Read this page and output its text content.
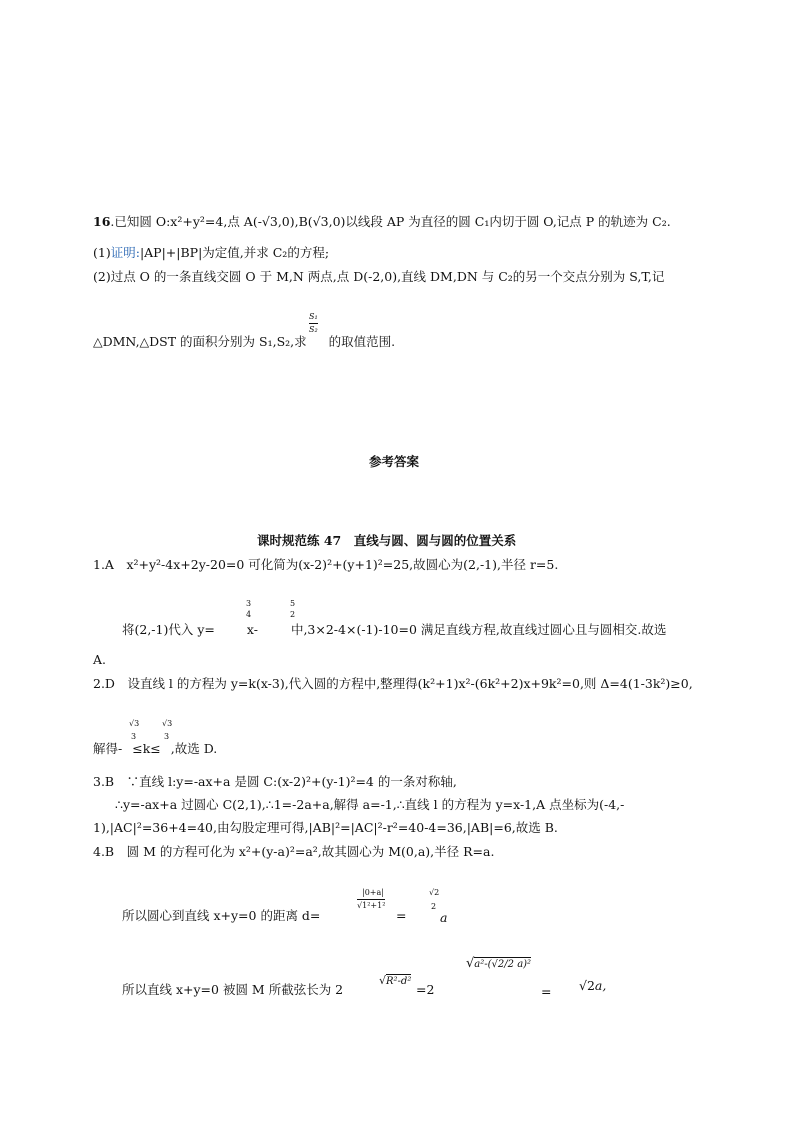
16.已知圆 O:x²+y²=4,点 A(-√3,0),B(√3,0)以线段 AP 为直径的圆 C₁内切于圆 O,记点 P 的轨迹为 C₂.
(1)证明:|AP|+|BP|为定值,并求 C₂的方程;
(2)过点 O 的一条直线交圆 O 于 M,N 两点,点 D(-2,0),直线 DM,DN 与 C₂的另一个交点分别为 S,T,记
S₁
S₂
△DMN,△DST 的面积分别为 S₁,S₂,求 的取值范围.
参考答案
课时规范练 47　直线与圆、圆与圆的位置关系
1.A　x²+y²-4x+2y-20=0 可化简为(x-2)²+(y+1)²=25,故圆心为(2,-1),半径 r=5.
3
4
5
2
将(2,-1)代入 y=	x-	中,3×2-4×(-1)-10=0 满足直线方程,故直线过圆心且与圆相交.故选
A.
2.D　设直线 l 的方程为 y=k(x-3),代入圆的方程中,整理得(k²+1)x²-(6k²+2)x+9k²=0,则 Δ=4(1-3k²)≥0,
√3
3
√3
3
解得- ≤k≤ ,故选 D.
3.B　∵直线 l:y=-ax+a 是圆 C:(x-2)²+(y-1)²=4 的一条对称轴,
∴y=-ax+a 过圆心 C(2,1),∴1=-2a+a,解得 a=-1,∴直线 l 的方程为 y=x-1,A 点坐标为(-4,-
1),|AC|²=36+4=40,由勾股定理可得,|AB|²=|AC|²-r²=40-4=36,|AB|=6,故选 B.
4.B　圆 M 的方程可化为 x²+(y-a)²=a²,故其圆心为 M(0,a),半径 R=a.
|0+a|
√1²+1²
√2
2
所以圆心到直线 x+y=0 的距离 d=	=	a
所以直线 x+y=0 被圆 M 所截弦长为 2
√R²-d²
=2
√a²-(√2/2 a)²
= √2a,
